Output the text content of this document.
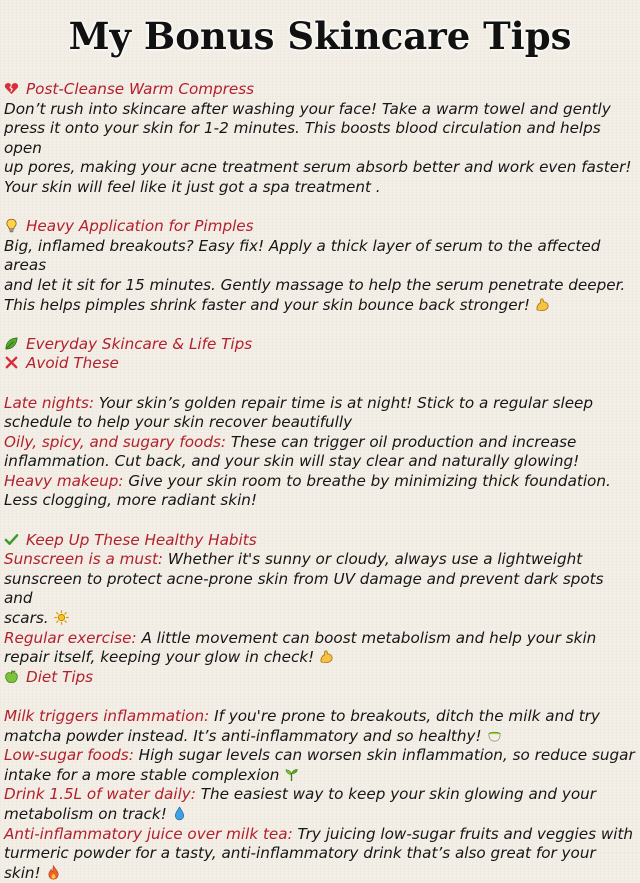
My Bonus Skincare Tips
Post-Cleanse Warm Compress
Don’t rush into skincare after washing your face! Take a warm towel and gently
press it onto your skin for 1-2 minutes. This boosts blood circulation and helps open
up pores, making your acne treatment serum absorb better and work even faster!
Your skin will feel like it just got a spa treatment .
Heavy Application for Pimples
Big, inflamed breakouts? Easy fix! Apply a thick layer of serum to the affected areas
and let it sit for 15 minutes. Gently massage to help the serum penetrate deeper.
This helps pimples shrink faster and your skin bounce back stronger!
Everyday Skincare & Life Tips
Avoid These
Late nights: Your skin’s golden repair time is at night! Stick to a regular sleep
schedule to help your skin recover beautifully
Oily, spicy, and sugary foods: These can trigger oil production and increase
inflammation. Cut back, and your skin will stay clear and naturally glowing!
Heavy makeup: Give your skin room to breathe by minimizing thick foundation.
Less clogging, more radiant skin!
Keep Up These Healthy Habits
Sunscreen is a must: Whether it's sunny or cloudy, always use a lightweight
sunscreen to protect acne-prone skin from UV damage and prevent dark spots and
scars.
Regular exercise: A little movement can boost metabolism and help your skin
repair itself, keeping your glow in check!
Diet Tips
Milk triggers inflammation: If you're prone to breakouts, ditch the milk and try
matcha powder instead. It’s anti-inflammatory and so healthy!
Low-sugar foods: High sugar levels can worsen skin inflammation, so reduce sugar
intake for a more stable complexion
Drink 1.5L of water daily: The easiest way to keep your skin glowing and your
metabolism on track!
Anti-inflammatory juice over milk tea: Try juicing low-sugar fruits and veggies with
turmeric powder for a tasty, anti-inflammatory drink that’s also great for your
skin!
